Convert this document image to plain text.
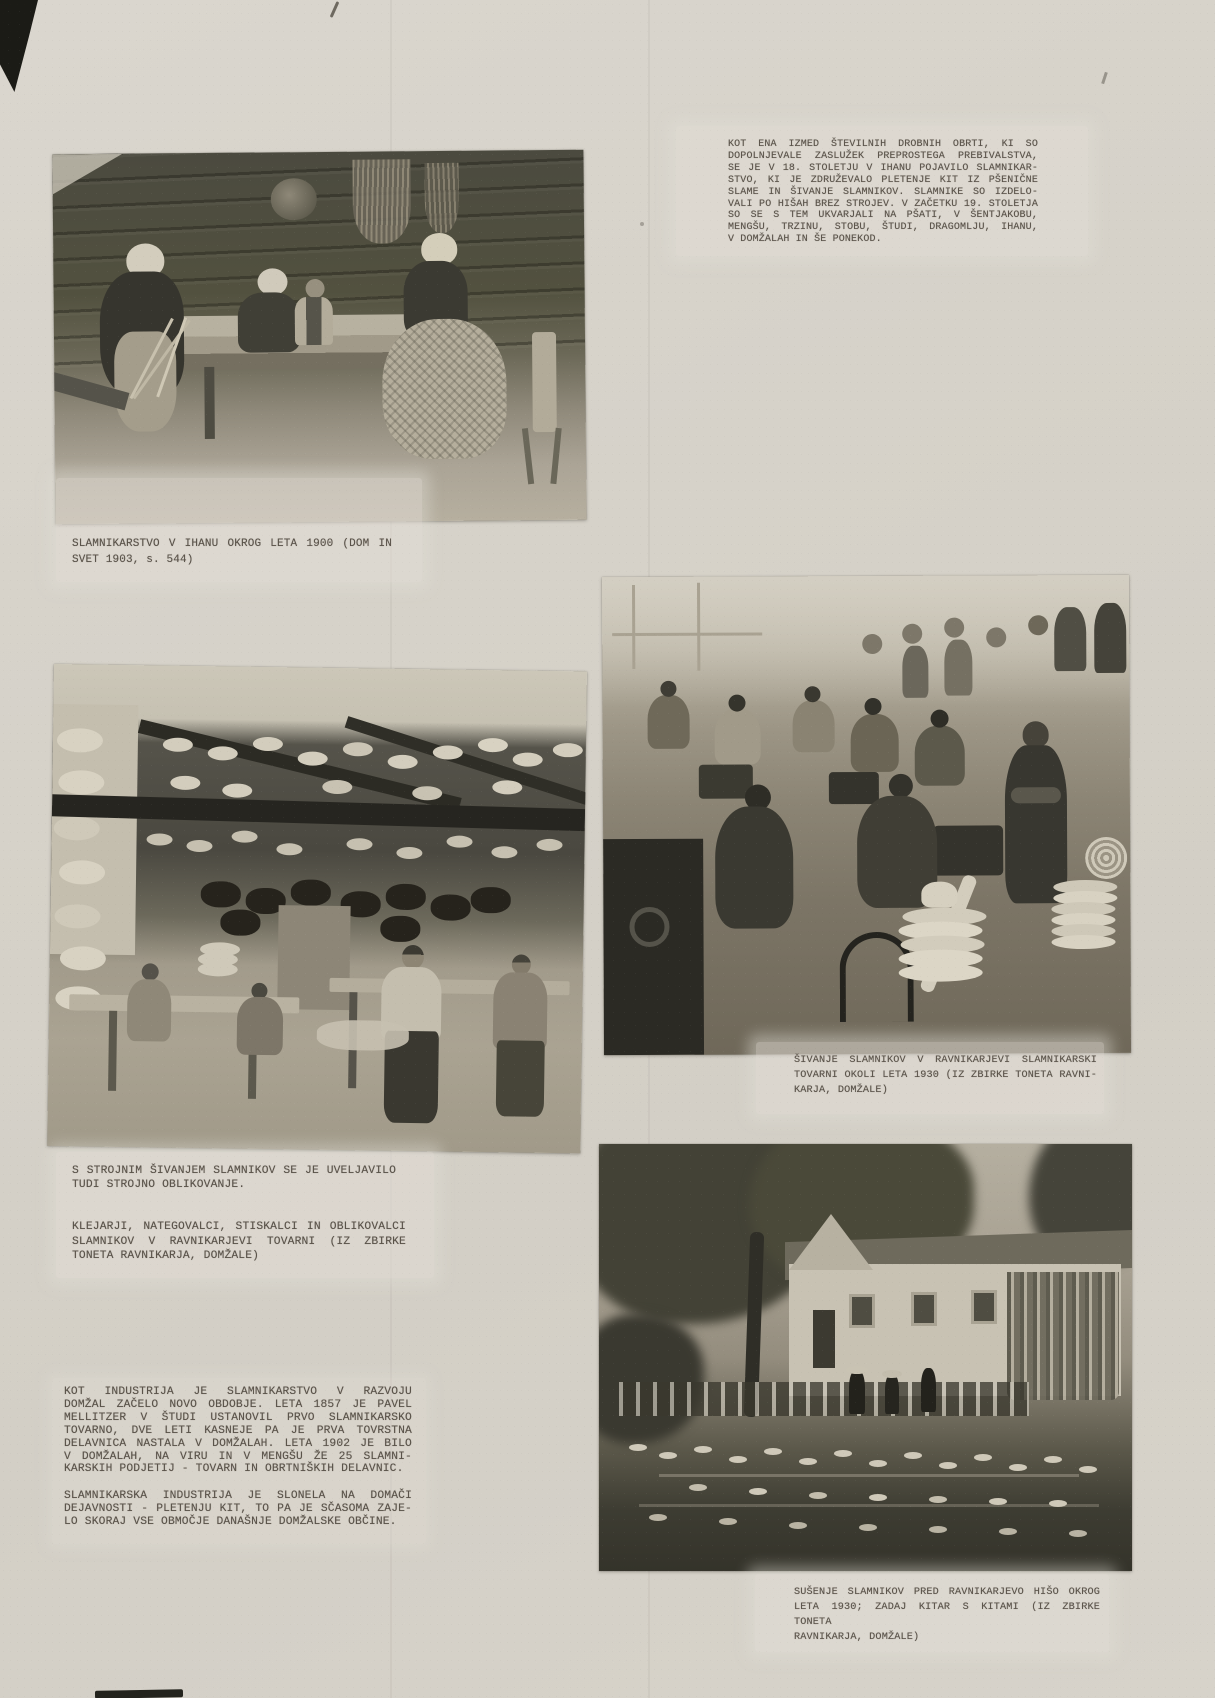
KOT ENA IZMED ŠTEVILNIH DROBNIH OBRTI, KI SO
DOPOLNJEVALE ZASLUŽEK PREPROSTEGA PREBIVALSTVA,
SE JE V 18. STOLETJU V IHANU POJAVILO SLAMNIKAR-
STVO, KI JE ZDRUŽEVALO PLETENJE KIT IZ PŠENIČNE
SLAME IN ŠIVANJE SLAMNIKOV. SLAMNIKE SO IZDELO-
VALI PO HIŠAH BREZ STROJEV. V ZAČETKU 19. STOLETJA
SO SE S TEM UKVARJALI NA PŠATI, V ŠENTJAKOBU,
MENGŠU, TRZINU, STOBU, ŠTUDI, DRAGOMLJU, IHANU,
V DOMŽALAH IN ŠE PONEKOD.
SLAMNIKARSTVO V IHANU OKROG LETA 1900 (DOM IN
SVET 1903, s. 544)
ŠIVANJE SLAMNIKOV V RAVNIKARJEVI SLAMNIKARSKI
TOVARNI OKOLI LETA 1930 (IZ ZBIRKE TONETA RAVNI-
KARJA, DOMŽALE)
S STROJNIM ŠIVANJEM SLAMNIKOV SE JE UVELJAVILO
TUDI STROJNO OBLIKOVANJE.
KLEJARJI, NATEGOVALCI, STISKALCI IN OBLIKOVALCI
SLAMNIKOV V RAVNIKARJEVI TOVARNI (IZ ZBIRKE
TONETA RAVNIKARJA, DOMŽALE)
KOT INDUSTRIJA JE SLAMNIKARSTVO V RAZVOJU
DOMŽAL ZAČELO NOVO OBDOBJE. LETA 1857 JE PAVEL
MELLITZER V ŠTUDI USTANOVIL PRVO SLAMNIKARSKO
TOVARNO, DVE LETI KASNEJE PA JE PRVA TOVRSTNA
DELAVNICA NASTALA V DOMŽALAH. LETA 1902 JE BILO
V DOMŽALAH, NA VIRU IN V MENGŠU ŽE 25 SLAMNI-
KARSKIH PODJETIJ - TOVARN IN OBRTNIŠKIH DELAVNIC.
SLAMNIKARSKA INDUSTRIJA JE SLONELA NA DOMAČI
DEJAVNOSTI - PLETENJU KIT, TO PA JE SČASOMA ZAJE-
LO SKORAJ VSE OBMOČJE DANAŠNJE DOMŽALSKE OBČINE.
SUŠENJE SLAMNIKOV PRED RAVNIKARJEVO HIŠO OKROG
LETA 1930; ZADAJ KITAR S KITAMI (IZ ZBIRKE TONETA
RAVNIKARJA, DOMŽALE)
